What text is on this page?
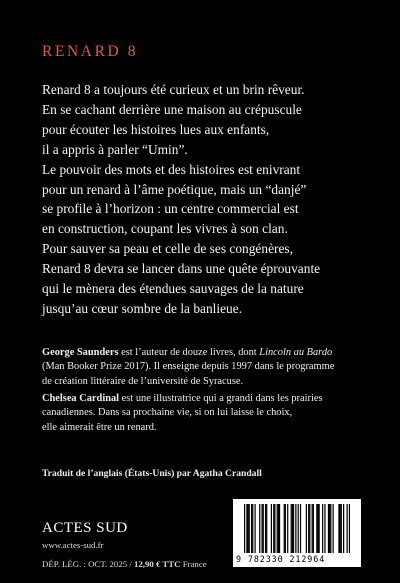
RENARD 8
Renard 8 a toujours été curieux et un brin rêveur.
En se cachant derrière une maison au crépuscule
pour écouter les histoires lues aux enfants,
il a appris à parler “Umin”.
Le pouvoir des mots et des histoires est enivrant
pour un renard à l’âme poétique, mais un “danjé”
se profile à l’horizon : un centre commercial est
en construction, coupant les vivres à son clan.
Pour sauver sa peau et celle de ses congénères,
Renard 8 devra se lancer dans une quête éprouvante
qui le mènera des étendues sauvages de la nature
jusqu’au cœur sombre de la banlieue.
George Saunders est l’auteur de douze livres, dont Lincoln au Bardo
(Man Booker Prize 2017). Il enseigne depuis 1997 dans le programme
de création littéraire de l’université de Syracuse.
Chelsea Cardinal est une illustratrice qui a grandi dans les prairies
canadiennes. Dans sa prochaine vie, si on lui laisse le choix,
elle aimerait être un renard.
Traduit de l’anglais (États-Unis) par Agatha Crandall
ACTES SUD
www.actes-sud.fr
DÉP. LÉG. : OCT. 2025 / 12,90 € TTC France	9 782330 212964
